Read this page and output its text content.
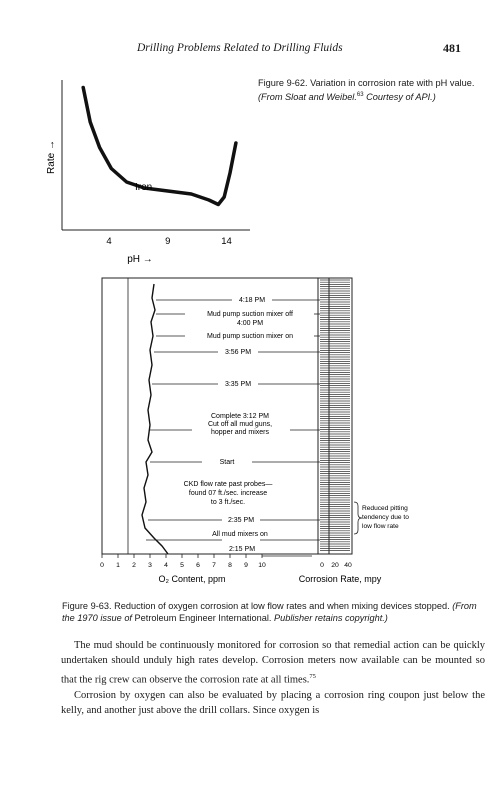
Drilling Problems Related to Drilling Fluids	481
Rate →
Iron
4	9	14
pH →
Figure 9-62. Variation in corrosion rate with pH value. (From Sloat and Weibel.$^{63}$ Courtesy of API.)
4:18 PM
Mud pump suction mixer off
4:00 PM
Mud pump suction mixer on
3:56 PM
3:35 PM
Complete 3:12 PM
Cut off all mud guns,
hopper and mixers
Start
CKD flow rate past probes—
found 07 ft./sec. increase
to 3 ft./sec.
2:35 PM
All mud mixers on
2:15 PM
Reduced pitting
tendency due to
low flow rate
0 1 2 3 4 5 6 7 8 9 10	0 20 40
O₂ Content, ppm	Corrosion Rate, mpy
Figure 9-63. Reduction of oxygen corrosion at low flow rates and when mixing devices stopped. (From the 1970 issue of Petroleum Engineer International. Publisher retains copyright.)

The mud should be continuously monitored for corrosion so that remedial action can be quickly undertaken should unduly high rates develop. Corrosion meters now available can be mounted so that the rig crew can observe the corrosion rate at all times.$^{75}$

Corrosion by oxygen can also be evaluated by placing a corrosion ring coupon just below the kelly, and another just above the drill collars. Since oxygen is
